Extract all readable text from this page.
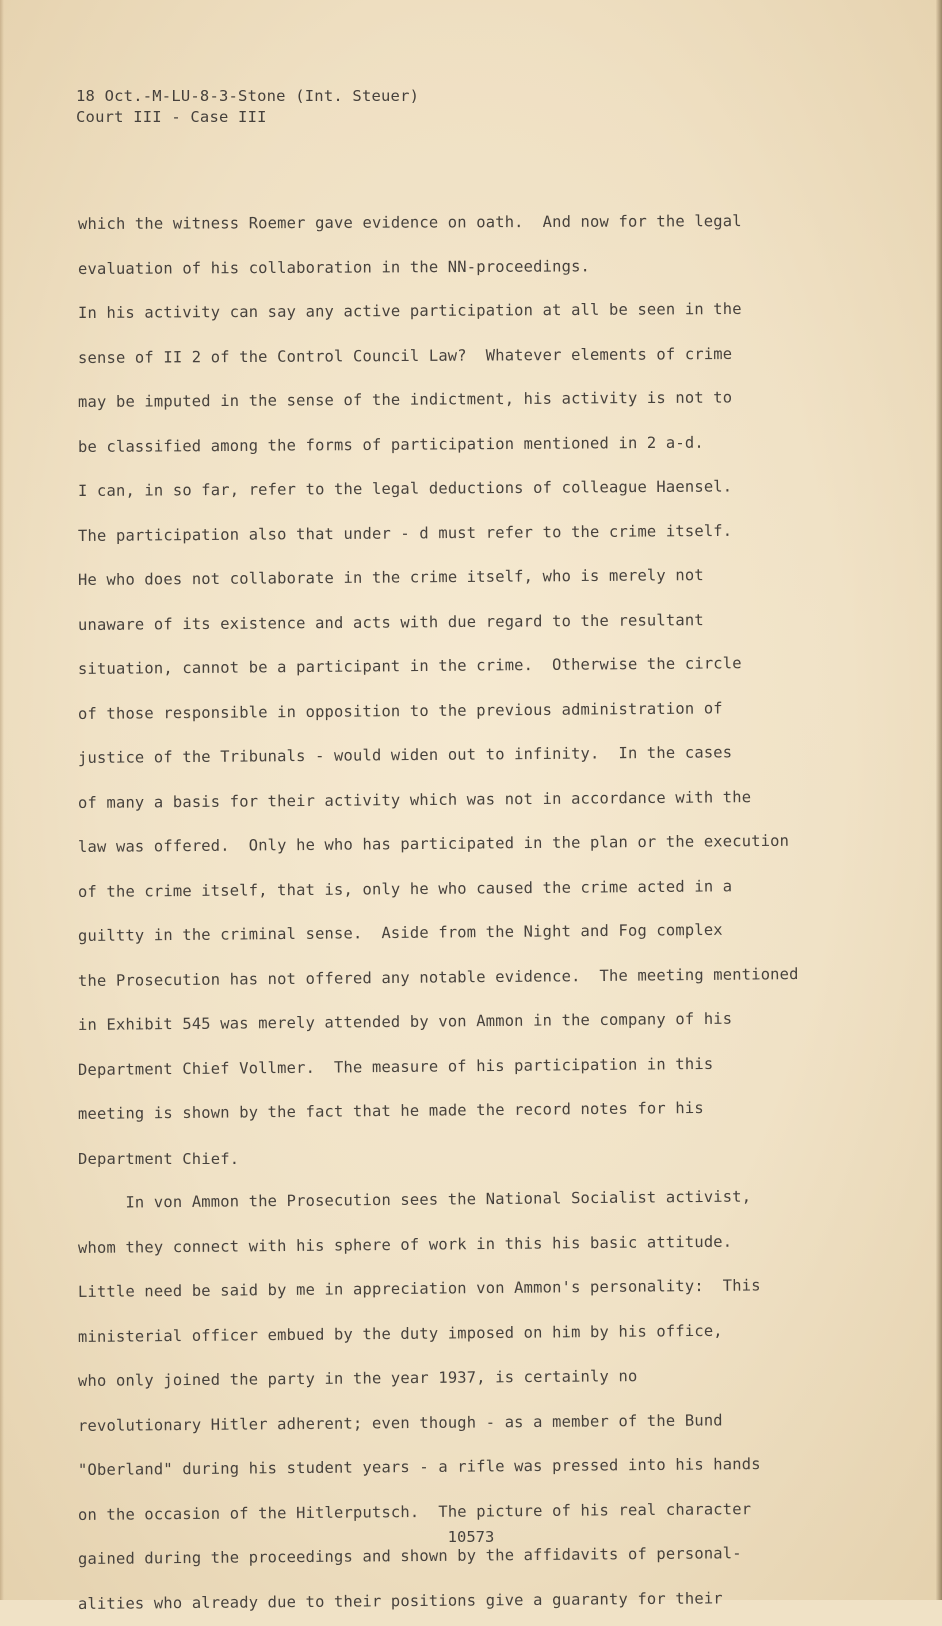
18 Oct.-M-LU-8-3-Stone (Int. Steuer)
Court III - Case III
which the witness Roemer gave evidence on oath.  And now for the legal
evaluation of his collaboration in the NN-proceedings.
In his activity can say any active participation at all be seen in the
sense of II 2 of the Control Council Law?  Whatever elements of crime
may be imputed in the sense of the indictment, his activity is not to
be classified among the forms of participation mentioned in 2 a-d.
I can, in so far, refer to the legal deductions of colleague Haensel.
The participation also that under - d must refer to the crime itself.
He who does not collaborate in the crime itself, who is merely not
unaware of its existence and acts with due regard to the resultant
situation, cannot be a participant in the crime.  Otherwise the circle
of those responsible in opposition to the previous administration of
justice of the Tribunals - would widen out to infinity.  In the cases
of many a basis for their activity which was not in accordance with the
law was offered.  Only he who has participated in the plan or the execution
of the crime itself, that is, only he who caused the crime acted in a
guiltty in the criminal sense.  Aside from the Night and Fog complex
the Prosecution has not offered any notable evidence.  The meeting mentioned
in Exhibit 545 was merely attended by von Ammon in the company of his
Department Chief Vollmer.  The measure of his participation in this
meeting is shown by the fact that he made the record notes for his
Department Chief.
In von Ammon the Prosecution sees the National Socialist activist,
whom they connect with his sphere of work in this his basic attitude.
Little need be said by me in appreciation von Ammon's personality:  This
ministerial officer embued by the duty imposed on him by his office,
who only joined the party in the year 1937, is certainly no
revolutionary Hitler adherent; even though - as a member of the Bund
"Oberland" during his student years - a rifle was pressed into his hands
on the occasion of the Hitlerputsch.  The picture of his real character
gained during the proceedings and shown by the affidavits of personal-
alities who already due to their positions give a guaranty for their
10573
